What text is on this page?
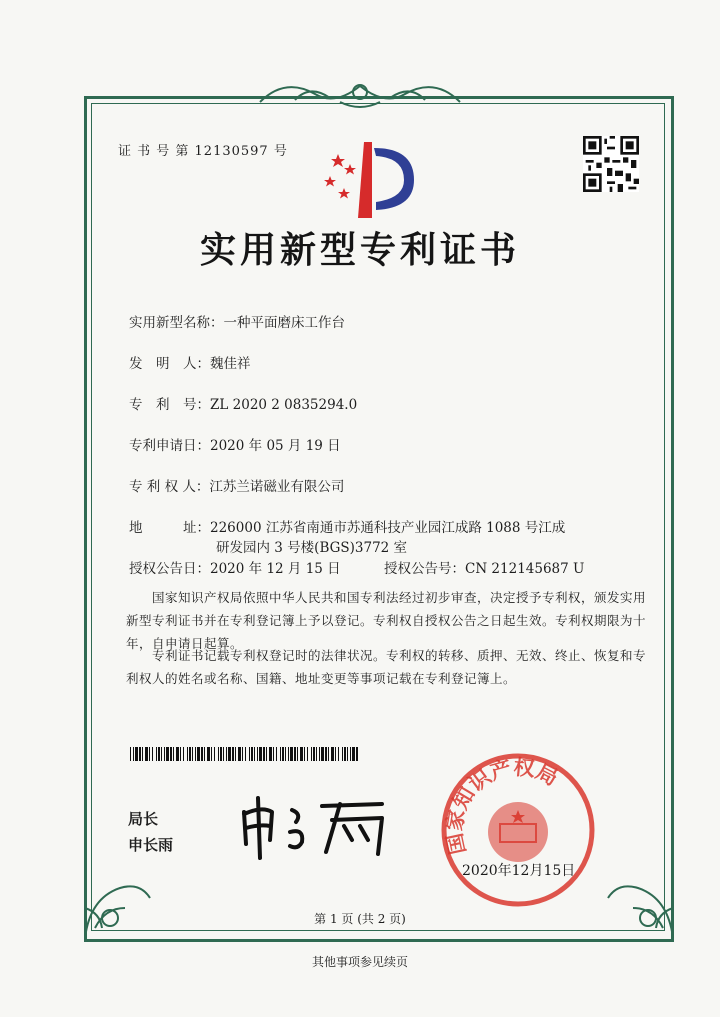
证 书 号 第 12130597 号
实用新型专利证书
实用新型名称：一种平面磨床工作台
发　明　人：魏佳祥
专　利　号：ZL 2020 2 0835294.0
专利申请日：2020 年 05 月 19 日
专 利 权 人：江苏兰诺磁业有限公司
地　　　址：226000 江苏省南通市苏通科技产业园江成路 1088 号江成
研发园内 3 号楼(BGS)3772 室
授权公告日：2020 年 12 月 15 日	授权公告号：CN 212145687 U
国家知识产权局依照中华人民共和国专利法经过初步审查，决定授予专利权，颁发实用新型专利证书并在专利登记簿上予以登记。专利权自授权公告之日起生效。专利权期限为十年，自申请日起算。
专利证书记载专利权登记时的法律状况。专利权的转移、质押、无效、终止、恢复和专利权人的姓名或名称、国籍、地址变更等事项记载在专利登记簿上。
局长
申长雨	国家知识产权局
2020年12月15日
第 1 页 (共 2 页)
其他事项参见续页
